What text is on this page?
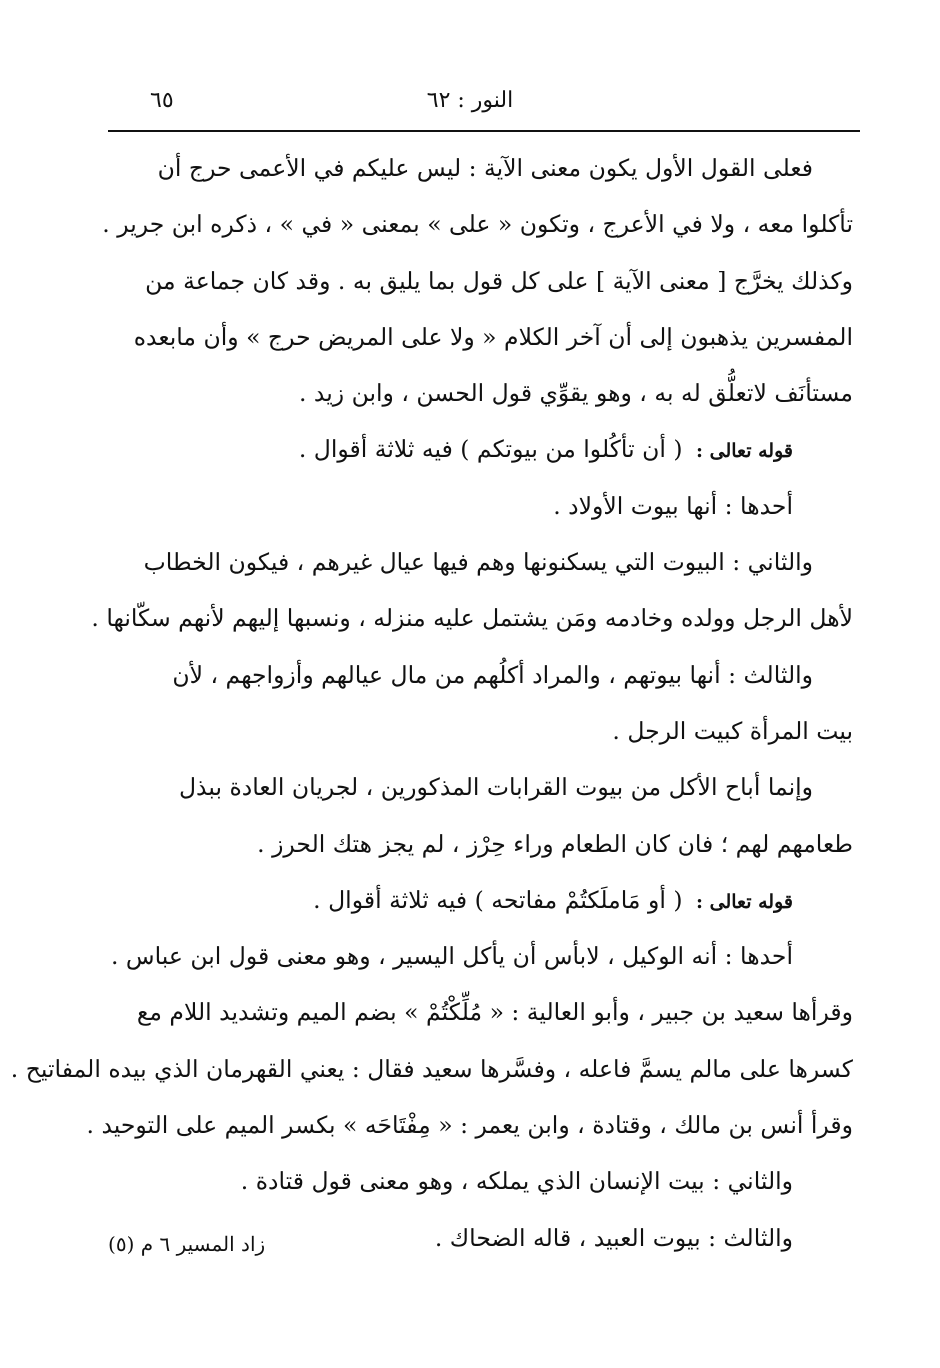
٦٥	النور : ٦٢
فعلى القول الأول يكون معنى الآية : ليس عليكم في الأعمى حرج أن
تأكلوا معه ، ولا في الأعرج ، وتكون « على » بمعنى « في » ، ذكره ابن جرير .
وكذلك يخرَّج [ معنى الآية ] على كل قول بما يليق به . وقد كان جماعة من
المفسرين يذهبون إلى أن آخر الكلام « ولا على المريض حرج » وأن مابعده
مستأنَف لاتعلُّق له به ، وهو يقوِّي قول الحسن ، وابن زيد .
قوله تعالى : ( أن تأكُلوا من بيوتكم ) فيه ثلاثة أقوال .
أحدها : أنها بيوت الأولاد .
والثاني : البيوت التي يسكنونها وهم فيها عيال غيرهم ، فيكون الخطاب
لأهل الرجل وولده وخادمه ومَن يشتمل عليه منزله ، ونسبها إليهم لأنهم سكّانها .
والثالث : أنها بيوتهم ، والمراد أكلُهم من مال عيالهم وأزواجهم ، لأن
بيت المرأة كبيت الرجل .
وإنما أباح الأكل من بيوت القرابات المذكورين ، لجريان العادة ببذل
طعامهم لهم ؛ فان كان الطعام وراء حِرْز ، لم يجز هتك الحرز .
قوله تعالى : ( أو مَاملَكتُمْ مفاتحه ) فيه ثلاثة أقوال .
أحدها : أنه الوكيل ، لابأس أن يأكل اليسير ، وهو معنى قول ابن عباس .
وقرأها سعيد بن جبير ، وأبو العالية : « مُلِّكْتُمْ » بضم الميم وتشديد اللام مع
كسرها على مالم يسمَّ فاعله ، وفسَّرها سعيد فقال : يعني القهرمان الذي بيده المفاتيح .
وقرأ أنس بن مالك ، وقتادة ، وابن يعمر : « مِفْتَاحَه » بكسر الميم على التوحيد .
والثاني : بيت الإنسان الذي يملكه ، وهو معنى قول قتادة .
والثالث : بيوت العبيد ، قاله الضحاك .
زاد المسير ٦ م (٥)
